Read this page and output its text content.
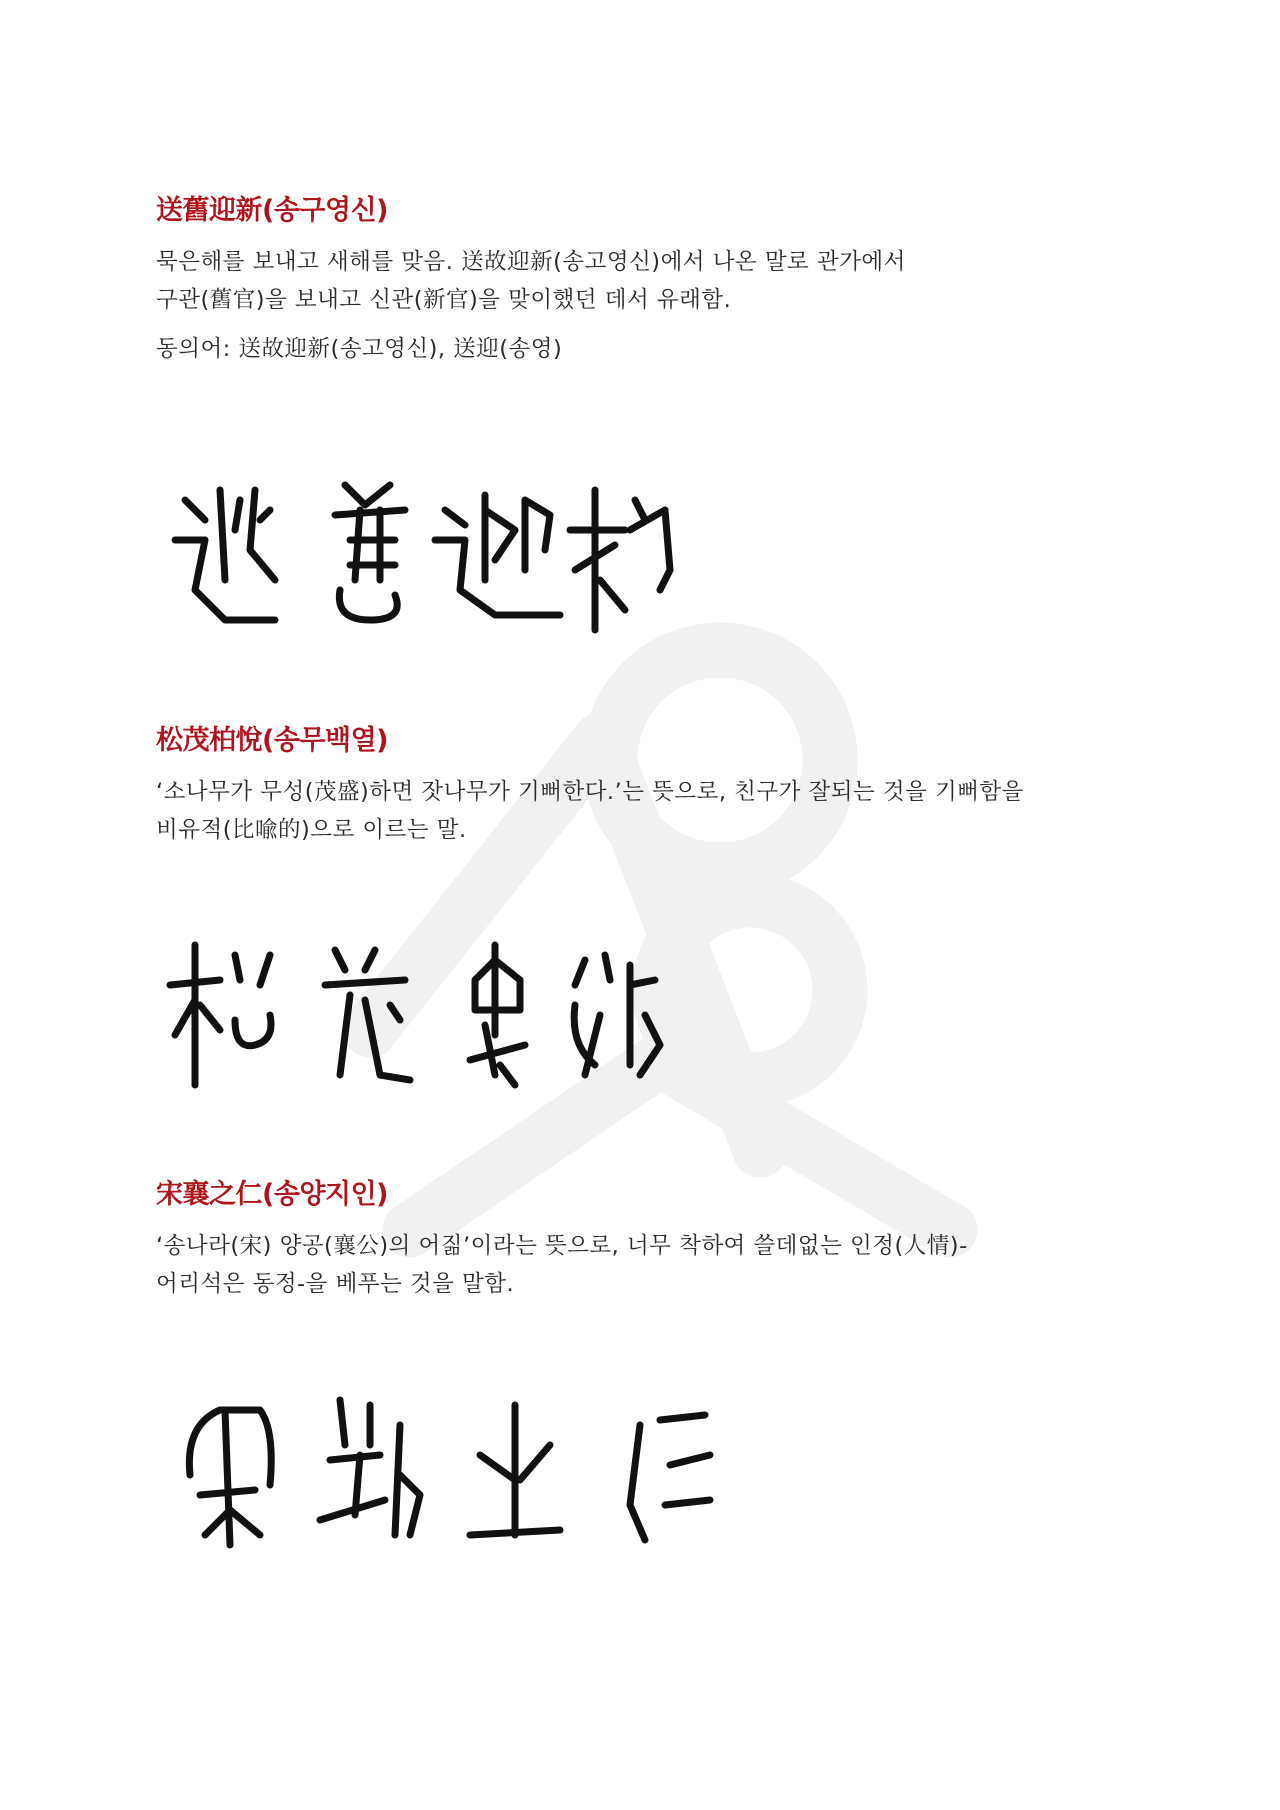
送舊迎新(송구영신)

묵은해를 보내고 새해를 맞음. 送故迎新(송고영신)에서 나온 말로 관가에서

구관(舊官)을 보내고 신관(新官)을 맞이했던 데서 유래함.

동의어: 送故迎新(송고영신), 送迎(송영)

松茂柏悅(송무백열)

‘소나무가 무성(茂盛)하면 잣나무가 기뻐한다.’는 뜻으로, 친구가 잘되는 것을 기뻐함을

비유적(比喩的)으로 이르는 말.

宋襄之仁(송양지인)

‘송나라(宋) 양공(襄公)의 어짊’이라는 뜻으로, 너무 착하여 쓸데없는 인정(人情)-

어리석은 동정-을 베푸는 것을 말함.
